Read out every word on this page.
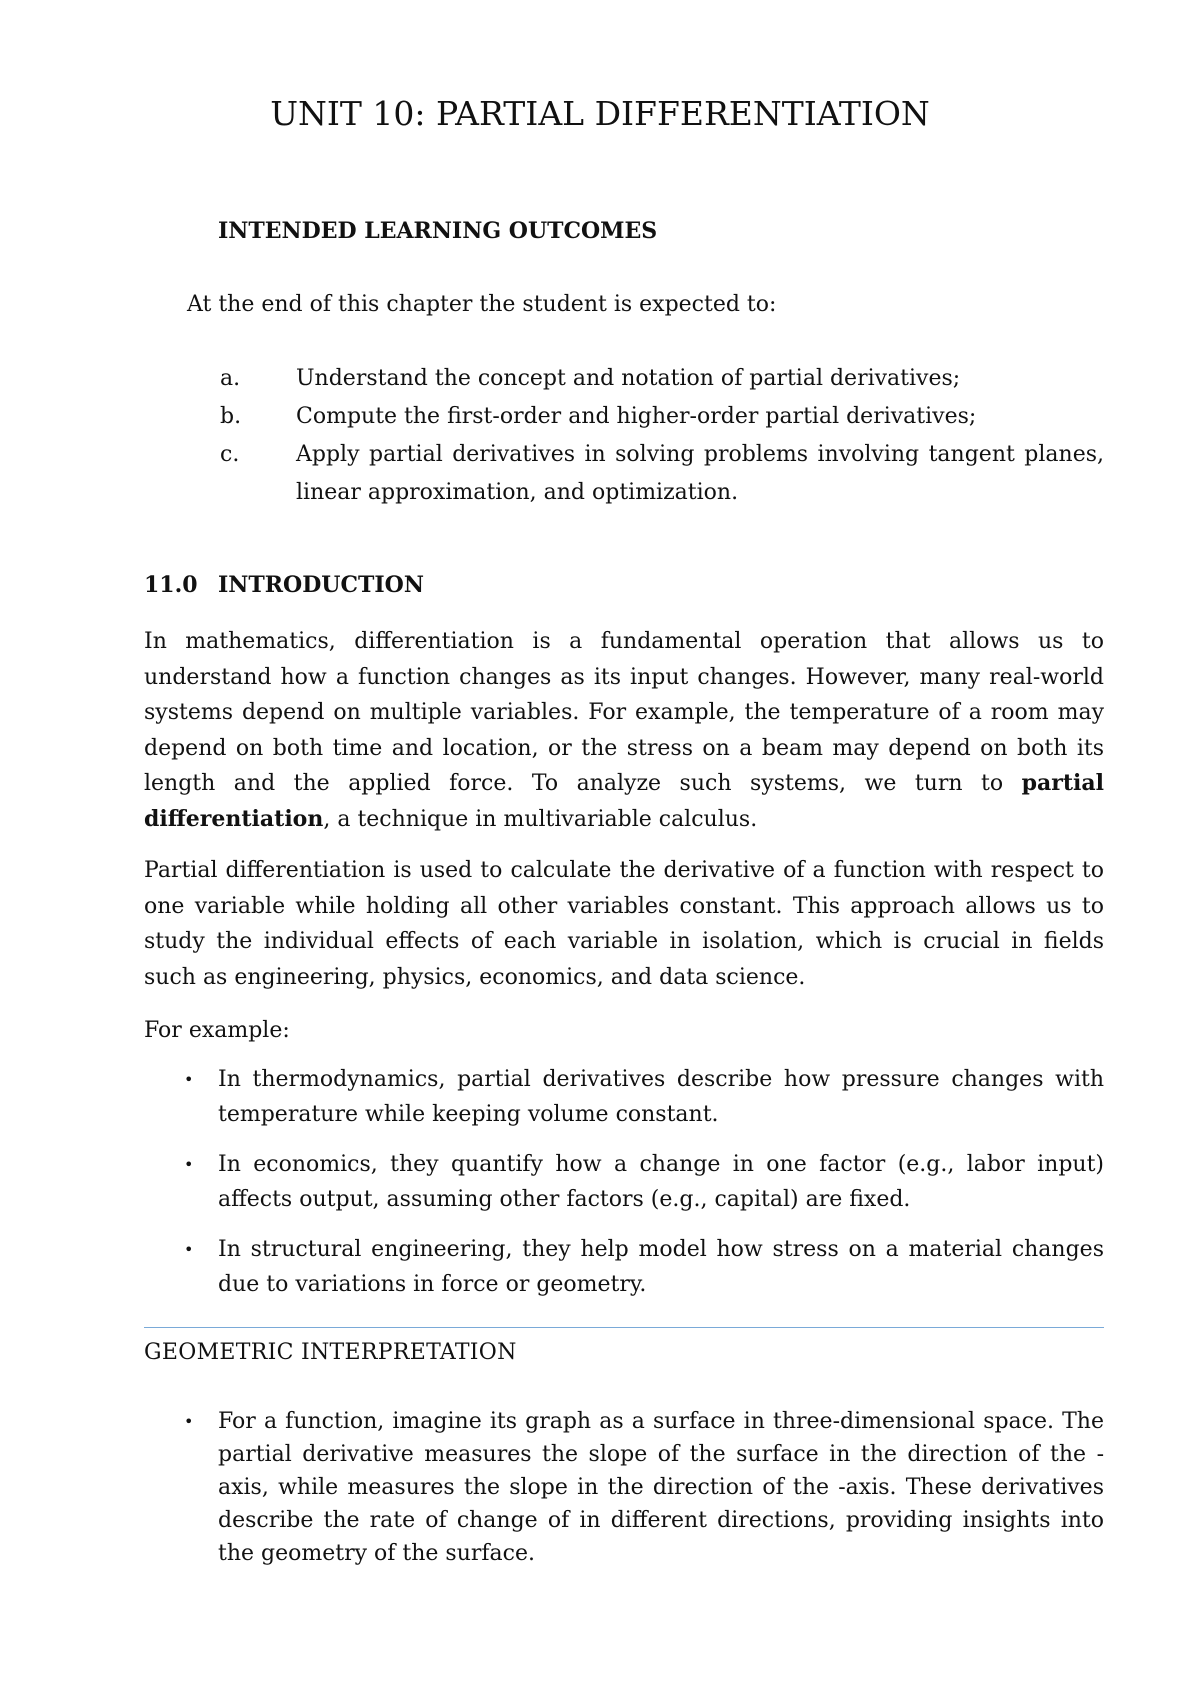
UNIT 10: PARTIAL DIFFERENTIATION
INTENDED LEARNING OUTCOMES

At the end of this chapter the student is expected to:

a.	Understand the concept and notation of partial derivatives;
b.	Compute the first-order and higher-order partial derivatives;
c.	Apply partial derivatives in solving problems involving tangent planes, linear approximation, and optimization.
11.0 INTRODUCTION

In mathematics, differentiation is a fundamental operation that allows us to understand how a function changes as its input changes. However, many real-world systems depend on multiple variables. For example, the temperature of a room may depend on both time and location, or the stress on a beam may depend on both its length and the applied force. To analyze such systems, we turn to partial differentiation, a technique in multivariable calculus.

Partial differentiation is used to calculate the derivative of a function with respect to one variable while holding all other variables constant. This approach allows us to study the individual effects of each variable in isolation, which is crucial in fields such as engineering, physics, economics, and data science.

For example:

•	In thermodynamics, partial derivatives describe how pressure changes with temperature while keeping volume constant.
•	In economics, they quantify how a change in one factor (e.g., labor input) affects output, assuming other factors (e.g., capital) are fixed.
•	In structural engineering, they help model how stress on a material changes due to variations in force or geometry.
GEOMETRIC INTERPRETATION
•	For a function, imagine its graph as a surface in three-dimensional space. The partial derivative measures the slope of the surface in the direction of the -axis, while measures the slope in the direction of the -axis. These derivatives describe the rate of change of in different directions, providing insights into the geometry of the surface.
